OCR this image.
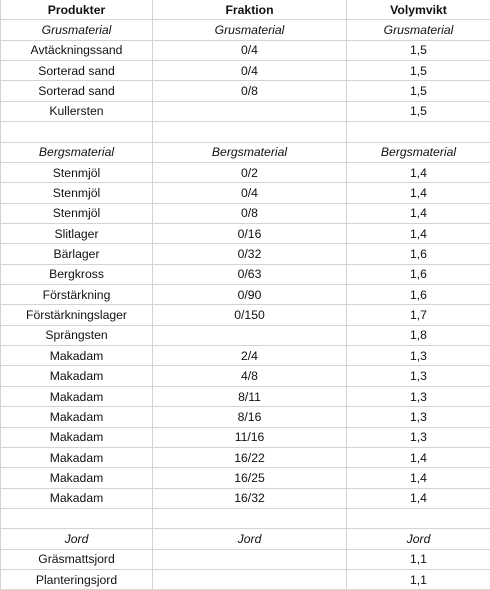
Produkter	Fraktion	Volymvikt
Grusmaterial	Grusmaterial	Grusmaterial
Avtäckningssand	0/4	1,5
Sorterad sand	0/4	1,5
Sorterad sand	0/8	1,5
Kullersten		1,5

Bergsmaterial	Bergsmaterial	Bergsmaterial
Stenmjöl	0/2	1,4
Stenmjöl	0/4	1,4
Stenmjöl	0/8	1,4
Slitlager	0/16	1,4
Bärlager	0/32	1,6
Bergkross	0/63	1,6
Förstärkning	0/90	1,6
Förstärkningslager	0/150	1,7
Sprängsten		1,8
Makadam	2/4	1,3
Makadam	4/8	1,3
Makadam	8/11	1,3
Makadam	8/16	1,3
Makadam	11/16	1,3
Makadam	16/22	1,4
Makadam	16/25	1,4
Makadam	16/32	1,4

Jord	Jord	Jord
Gräsmattsjord		1,1
Planteringsjord		1,1
